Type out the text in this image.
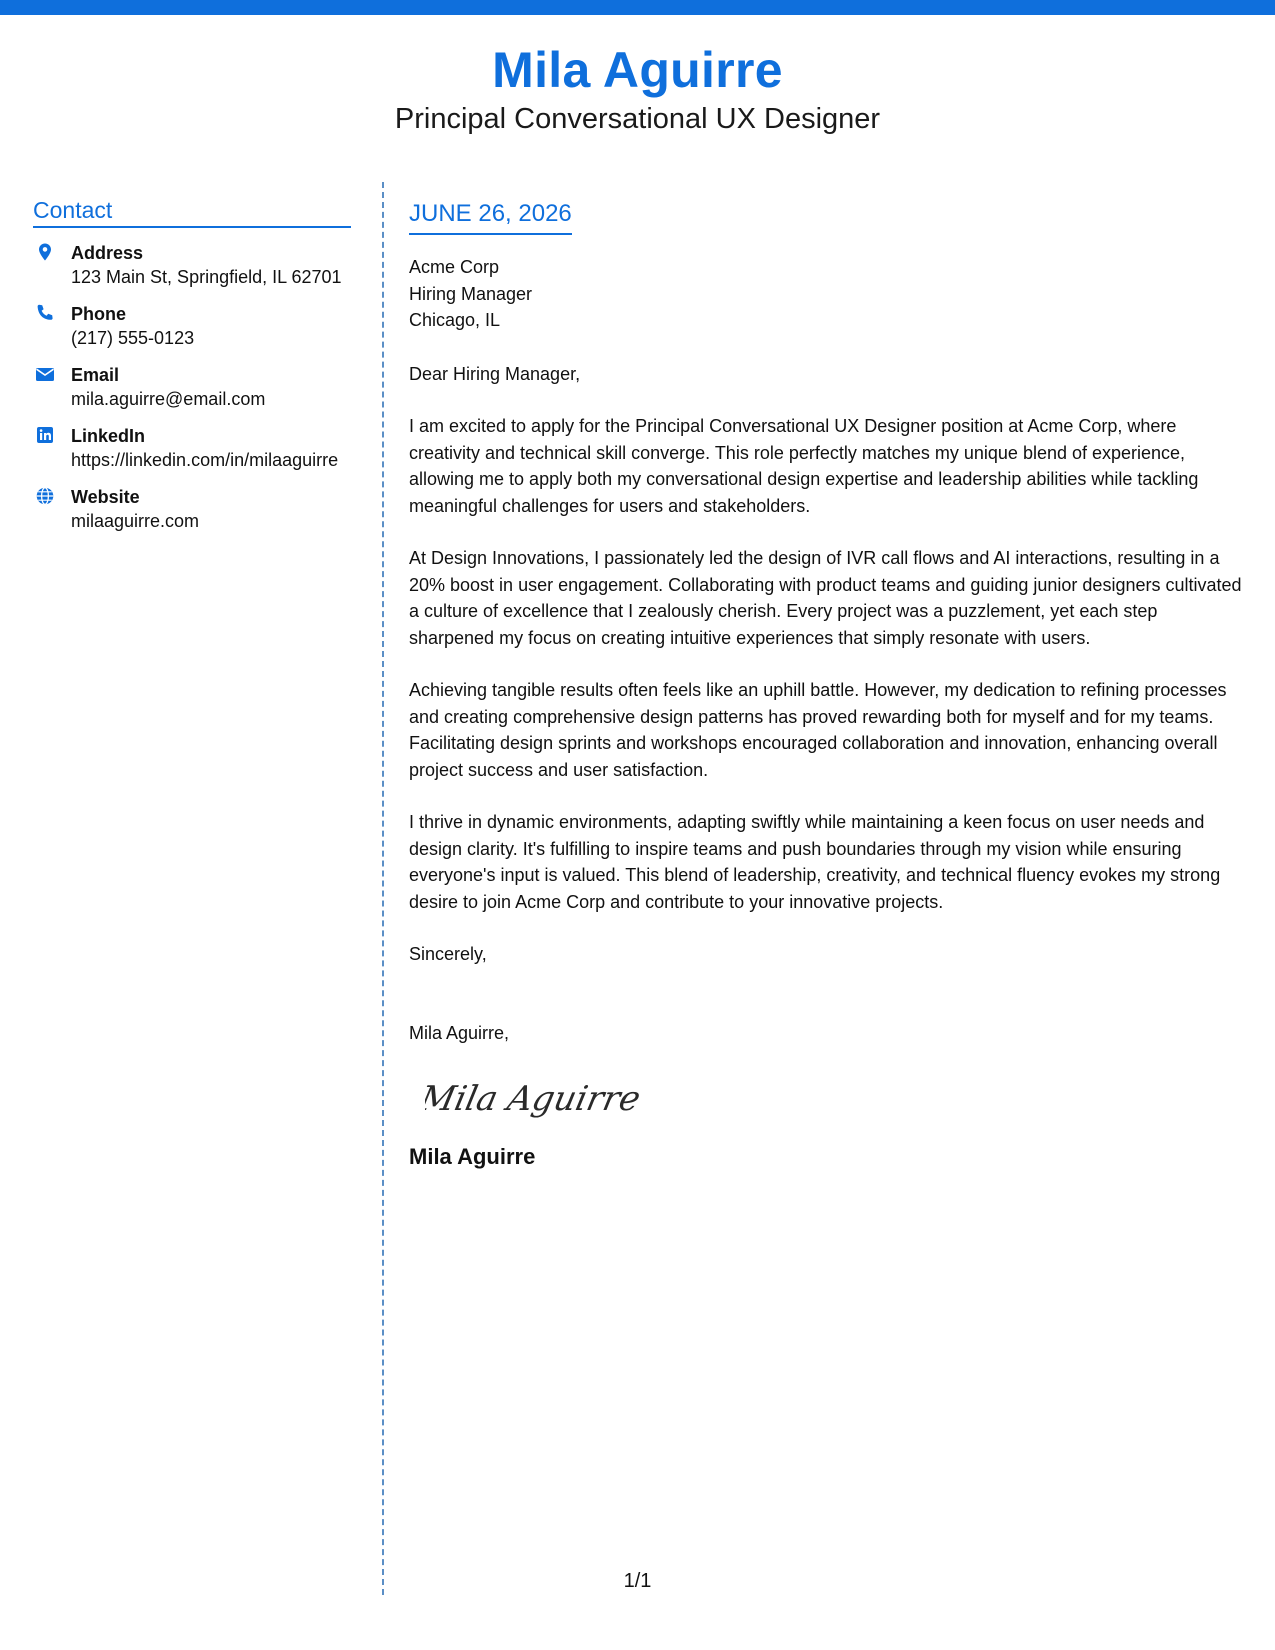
Mila Aguirre
Principal Conversational UX Designer
Contact
Address
123 Main St, Springfield, IL 62701
Phone
(217) 555-0123
Email
mila.aguirre@email.com
LinkedIn
https://linkedin.com/in/milaaguirre
Website
milaaguirre.com
JUNE 26, 2026
Acme Corp
Hiring Manager
Chicago, IL
Dear Hiring Manager,
I am excited to apply for the Principal Conversational UX Designer position at Acme Corp, where creativity and technical skill converge. This role perfectly matches my unique blend of experience, allowing me to apply both my conversational design expertise and leadership abilities while tackling meaningful challenges for users and stakeholders.
At Design Innovations, I passionately led the design of IVR call flows and AI interactions, resulting in a 20% boost in user engagement. Collaborating with product teams and guiding junior designers cultivated a culture of excellence that I zealously cherish. Every project was a puzzlement, yet each step sharpened my focus on creating intuitive experiences that simply resonate with users.
Achieving tangible results often feels like an uphill battle. However, my dedication to refining processes and creating comprehensive design patterns has proved rewarding both for myself and for my teams. Facilitating design sprints and workshops encouraged collaboration and innovation, enhancing overall project success and user satisfaction.
I thrive in dynamic environments, adapting swiftly while maintaining a keen focus on user needs and design clarity. It's fulfilling to inspire teams and push boundaries through my vision while ensuring everyone's input is valued. This blend of leadership, creativity, and technical fluency evokes my strong desire to join Acme Corp and contribute to your innovative projects.
Sincerely,
Mila Aguirre,
Mila Aguirre
Mila Aguirre
1/1
